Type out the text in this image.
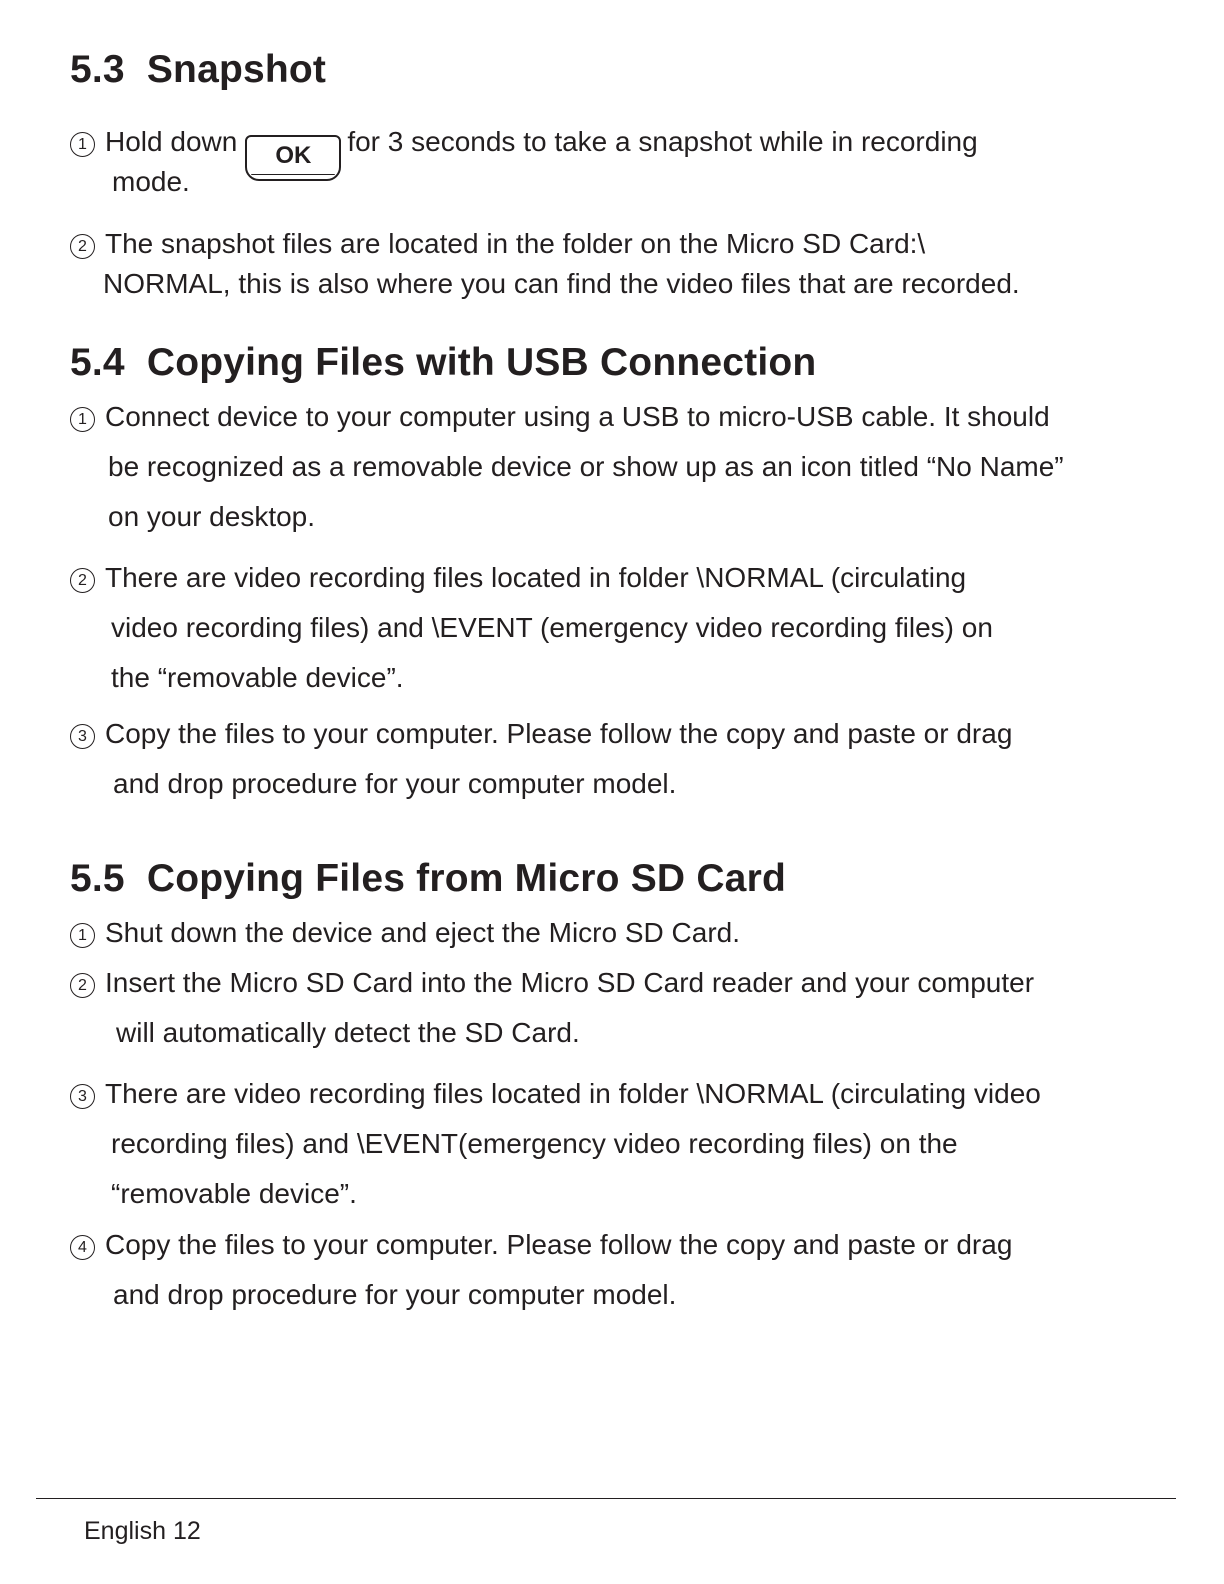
5.3 Snapshot
1 Hold down OK for 3 seconds to take a snapshot while in recording
mode.
2 The snapshot files are located in the folder on the Micro SD Card:\
NORMAL, this is also where you can find the video files that are recorded.
5.4 Copying Files with USB Connection
1 Connect device to your computer using a USB to micro-USB cable. It should
be recognized as a removable device or show up as an icon titled “No Name”
on your desktop.
2 There are video recording files located in folder \NORMAL (circulating
video recording files) and \EVENT (emergency video recording files) on
the “removable device”.
3 Copy the files to your computer. Please follow the copy and paste or drag
and drop procedure for your computer model.
5.5 Copying Files from Micro SD Card
1 Shut down the device and eject the Micro SD Card.
2 Insert the Micro SD Card into the Micro SD Card reader and your computer
will automatically detect the SD Card.
3 There are video recording files located in folder \NORMAL (circulating video
recording files) and \EVENT(emergency video recording files) on the
“removable device”.
4 Copy the files to your computer. Please follow the copy and paste or drag
and drop procedure for your computer model.
English 12
